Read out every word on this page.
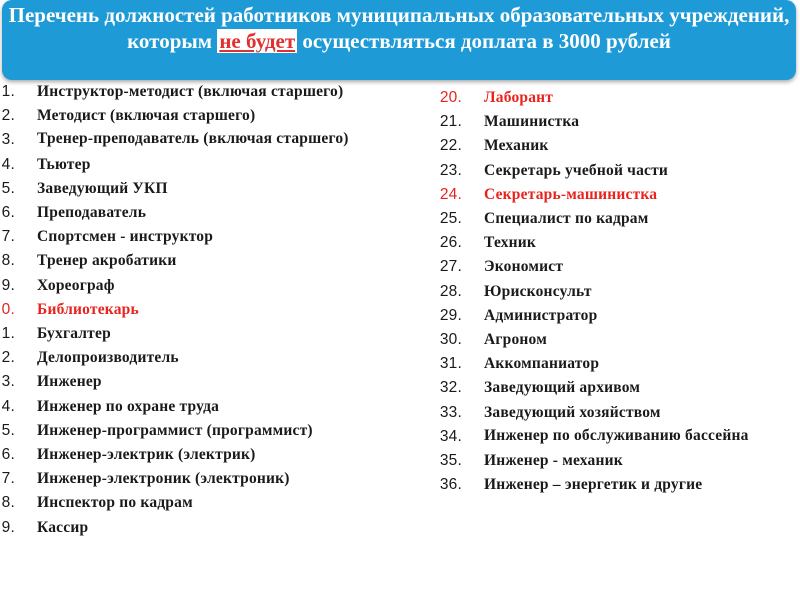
Перечень должностей работников муниципальных образовательных учреждений, которым не будет осуществляться доплата в 3000 рублей
1. Инструктор-методист (включая старшего)
2. Методист (включая старшего)
3. Тренер-преподаватель (включая старшего)
4. Тьютер
5. Заведующий УКП
6. Преподаватель
7. Спортсмен - инструктор
8. Тренер акробатики
9. Хореограф
0. Библиотекарь
1. Бухгалтер
2. Делопроизводитель
3. Инженер
4. Инженер по охране труда
5. Инженер-программист (программист)
6. Инженер-электрик (электрик)
7. Инженер-электроник (электроник)
8. Инспектор по кадрам
9. Кассир
20. Лаборант
21. Машинистка
22. Механик
23. Секретарь учебной части
24. Секретарь-машинистка
25. Специалист по кадрам
26. Техник
27. Экономист
28. Юрисконсульт
29. Администратор
30. Агроном
31. Аккомпаниатор
32. Заведующий архивом
33. Заведующий хозяйством
34. Инженер по обслуживанию бассейна
35. Инженер - механик
36. Инженер – энергетик и другие
